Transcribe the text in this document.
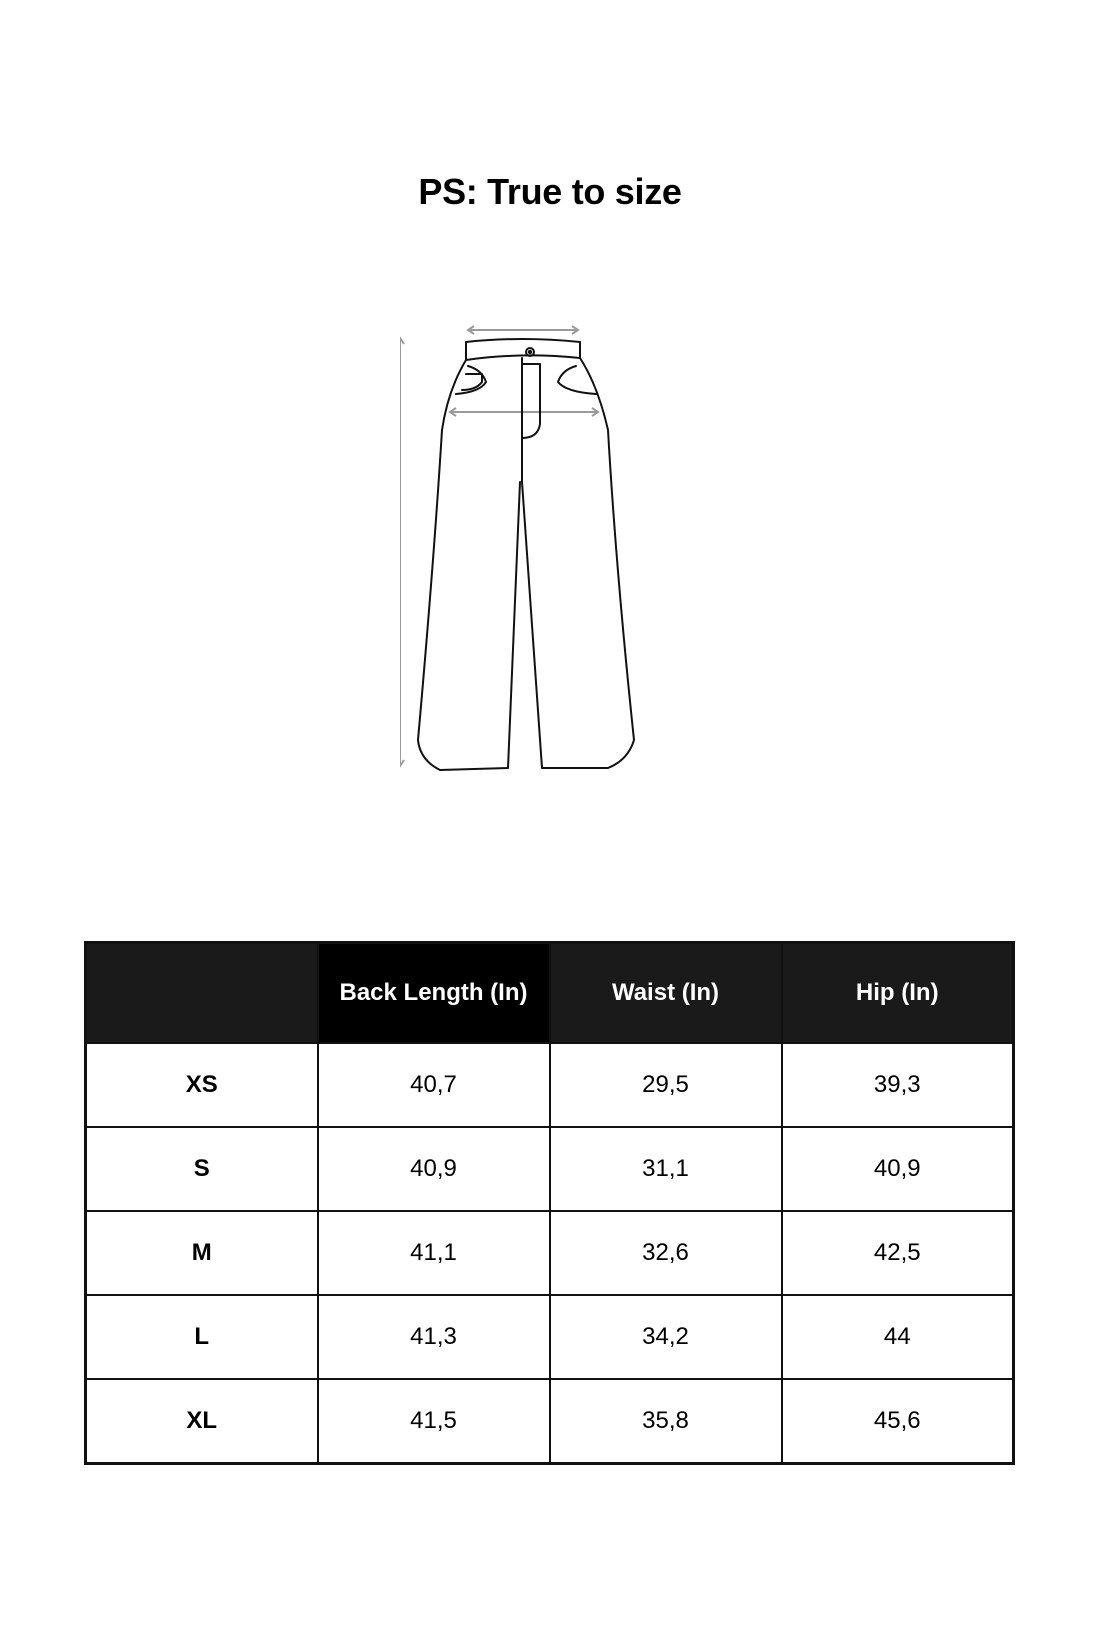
PS: True to size
	Back Length (In)	Waist (In)	Hip (In)
XS	40,7	29,5	39,3
S	40,9	31,1	40,9
M	41,1	32,6	42,5
L	41,3	34,2	44
XL	41,5	35,8	45,6
